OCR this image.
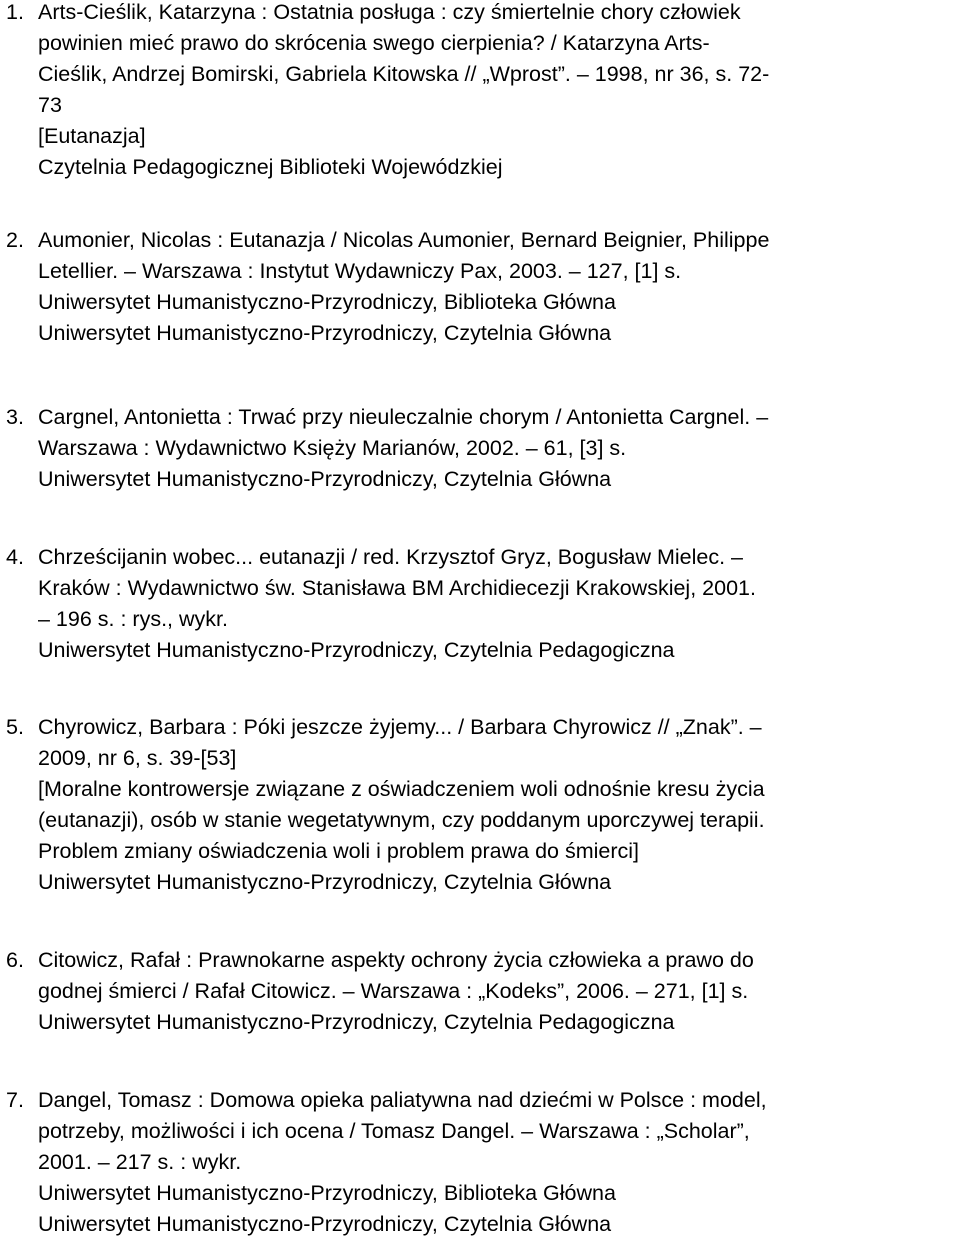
1. Arts-Cieślik, Katarzyna : Ostatnia posługa : czy śmiertelnie chory człowiek
powinien mieć prawo do skrócenia swego cierpienia? / Katarzyna Arts-
Cieślik, Andrzej Bomirski, Gabriela Kitowska // „Wprost”. ‒ 1998, nr 36, s. 72-
73
[Eutanazja]
Czytelnia Pedagogicznej Biblioteki Wojewódzkiej
2. Aumonier, Nicolas : Eutanazja / Nicolas Aumonier, Bernard Beignier, Philippe
Letellier. ‒ Warszawa : Instytut Wydawniczy Pax, 2003. ‒ 127, [1] s.
Uniwersytet Humanistyczno-Przyrodniczy, Biblioteka Główna
Uniwersytet Humanistyczno-Przyrodniczy, Czytelnia Główna
3. Cargnel, Antonietta : Trwać przy nieuleczalnie chorym / Antonietta Cargnel. ‒
Warszawa : Wydawnictwo Księży Marianów, 2002. ‒ 61, [3] s.
Uniwersytet Humanistyczno-Przyrodniczy, Czytelnia Główna
4. Chrześcijanin wobec... eutanazji / red. Krzysztof Gryz, Bogusław Mielec. ‒
Kraków : Wydawnictwo św. Stanisława BM Archidiecezji Krakowskiej, 2001.
‒ 196 s. : rys., wykr.
Uniwersytet Humanistyczno-Przyrodniczy, Czytelnia Pedagogiczna
5. Chyrowicz, Barbara : Póki jeszcze żyjemy... / Barbara Chyrowicz // „Znak”. ‒
2009, nr 6, s. 39-[53]
[Moralne kontrowersje związane z oświadczeniem woli odnośnie kresu życia
(eutanazji), osób w stanie wegetatywnym, czy poddanym uporczywej terapii.
Problem zmiany oświadczenia woli i problem prawa do śmierci]
Uniwersytet Humanistyczno-Przyrodniczy, Czytelnia Główna
6. Citowicz, Rafał : Prawnokarne aspekty ochrony życia człowieka a prawo do
godnej śmierci / Rafał Citowicz. ‒ Warszawa : „Kodeks”, 2006. ‒ 271, [1] s.
Uniwersytet Humanistyczno-Przyrodniczy, Czytelnia Pedagogiczna
7. Dangel, Tomasz : Domowa opieka paliatywna nad dziećmi w Polsce : model,
potrzeby, możliwości i ich ocena / Tomasz Dangel. ‒ Warszawa : „Scholar”,
2001. ‒ 217 s. : wykr.
Uniwersytet Humanistyczno-Przyrodniczy, Biblioteka Główna
Uniwersytet Humanistyczno-Przyrodniczy, Czytelnia Główna
